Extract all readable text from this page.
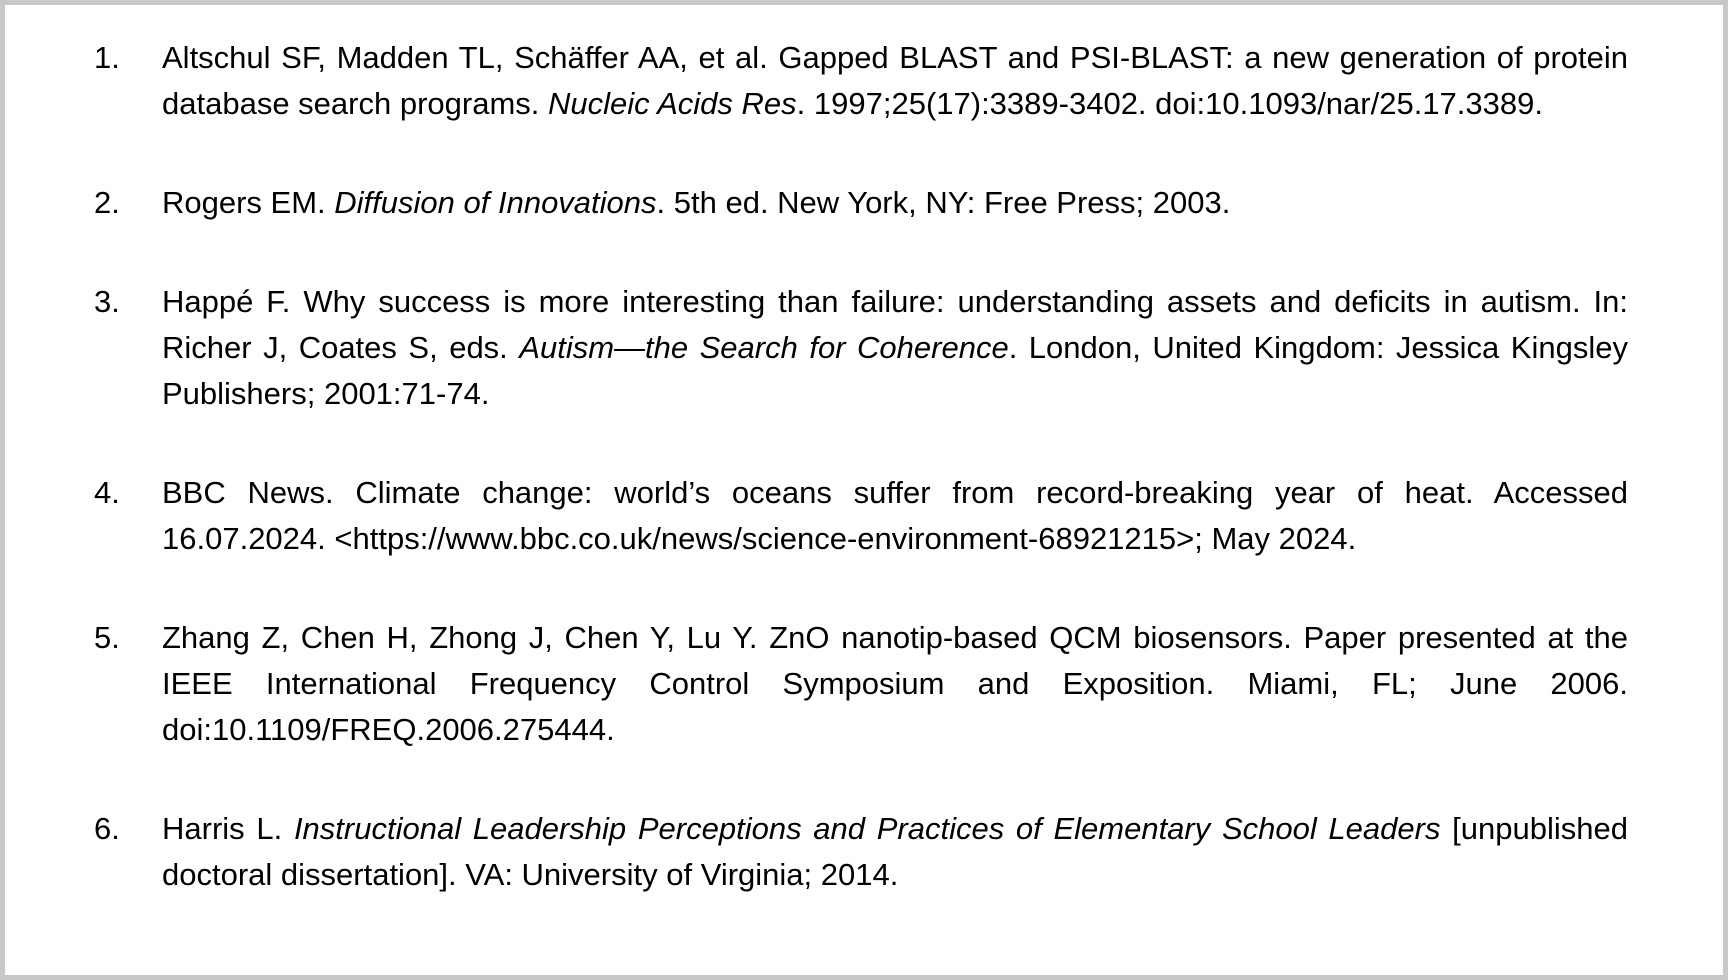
1.	Altschul SF, Madden TL, Schäffer AA, et al. Gapped BLAST and PSI-BLAST: a new generation of protein database search programs. Nucleic Acids Res. 1997;25(17):3389-3402. doi:10.1093/nar/25.17.3389.
2.	Rogers EM. Diffusion of Innovations. 5th ed. New York, NY: Free Press; 2003.
3.	Happé F. Why success is more interesting than failure: understanding assets and deficits in autism. In: Richer J, Coates S, eds. Autism—the Search for Coherence. London, United Kingdom: Jessica Kingsley Publishers; 2001:71-74.
4.	BBC News. Climate change: world’s oceans suffer from record-breaking year of heat. Accessed 16.07.2024. <https://www.bbc.co.uk/news/science-environment-68921215>; May 2024.
5.	Zhang Z, Chen H, Zhong J, Chen Y, Lu Y. ZnO nanotip-based QCM biosensors. Paper presented at the IEEE International Frequency Control Symposium and Exposition. Miami, FL; June 2006. doi:10.1109/FREQ.2006.275444.
6.	Harris L. Instructional Leadership Perceptions and Practices of Elementary School Leaders [unpublished doctoral dissertation]. VA: University of Virginia; 2014.
